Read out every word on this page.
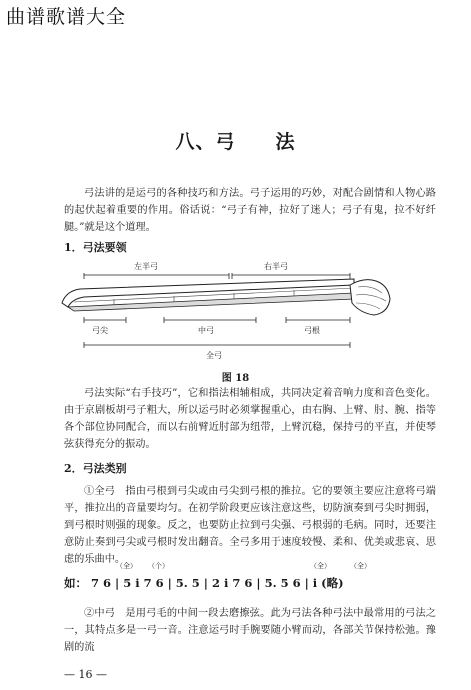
曲谱歌谱大全
八、弓　　法

弓法讲的是运弓的各种技巧和方法。弓子运用的巧妙，对配合剧情和人物心路的起伏起着重要的作用。俗话说：“弓子有神，拉好了迷人；弓子有鬼，拉不好纤腿。”就是这个道理。

1．弓法要领
左半弓	右半弓
弓尖	中弓	弓根
全弓
图 18

弓法实际“右手技巧”，它和指法相辅相成，共同决定着音响力度和音色变化。由于京剧板胡弓子粗大，所以运弓时必须掌握重心，由右胸、上臂、肘、腕、指等各个部位协同配合，而以右前臂近肘部为纽带，上臂沉稳，保持弓的平直，并使琴弦获得充分的振动。

2．弓法类别

①全弓　指由弓根到弓尖或由弓尖到弓根的推拉。它的要领主要应注意将弓端平，推拉出的音量要均匀。在初学阶段更应该注意这些，切防演奏到弓尖时拥弱，到弓根时则强的现象。反之，也要防止拉到弓尖强、弓根弱的毛病。同时，还要注意防止奏到弓尖或弓根时发出翻音。全弓多用于速度较慢、柔和、优美或悲哀、思虑的乐曲中。

（全） （个）	（全）	（全）
如： 7 6 | 5 i 7 6 | 5. 5 | 2 i 7 6 | 5. 5 6 | i (略)

②中弓　是用弓毛的中间一段去磨擦弦。此为弓法各种弓法中最常用的弓法之一，其特点多是一弓一音。注意运弓时手腕要随小臂而动，各部关节保持松弛。豫剧的流

— 16 —
